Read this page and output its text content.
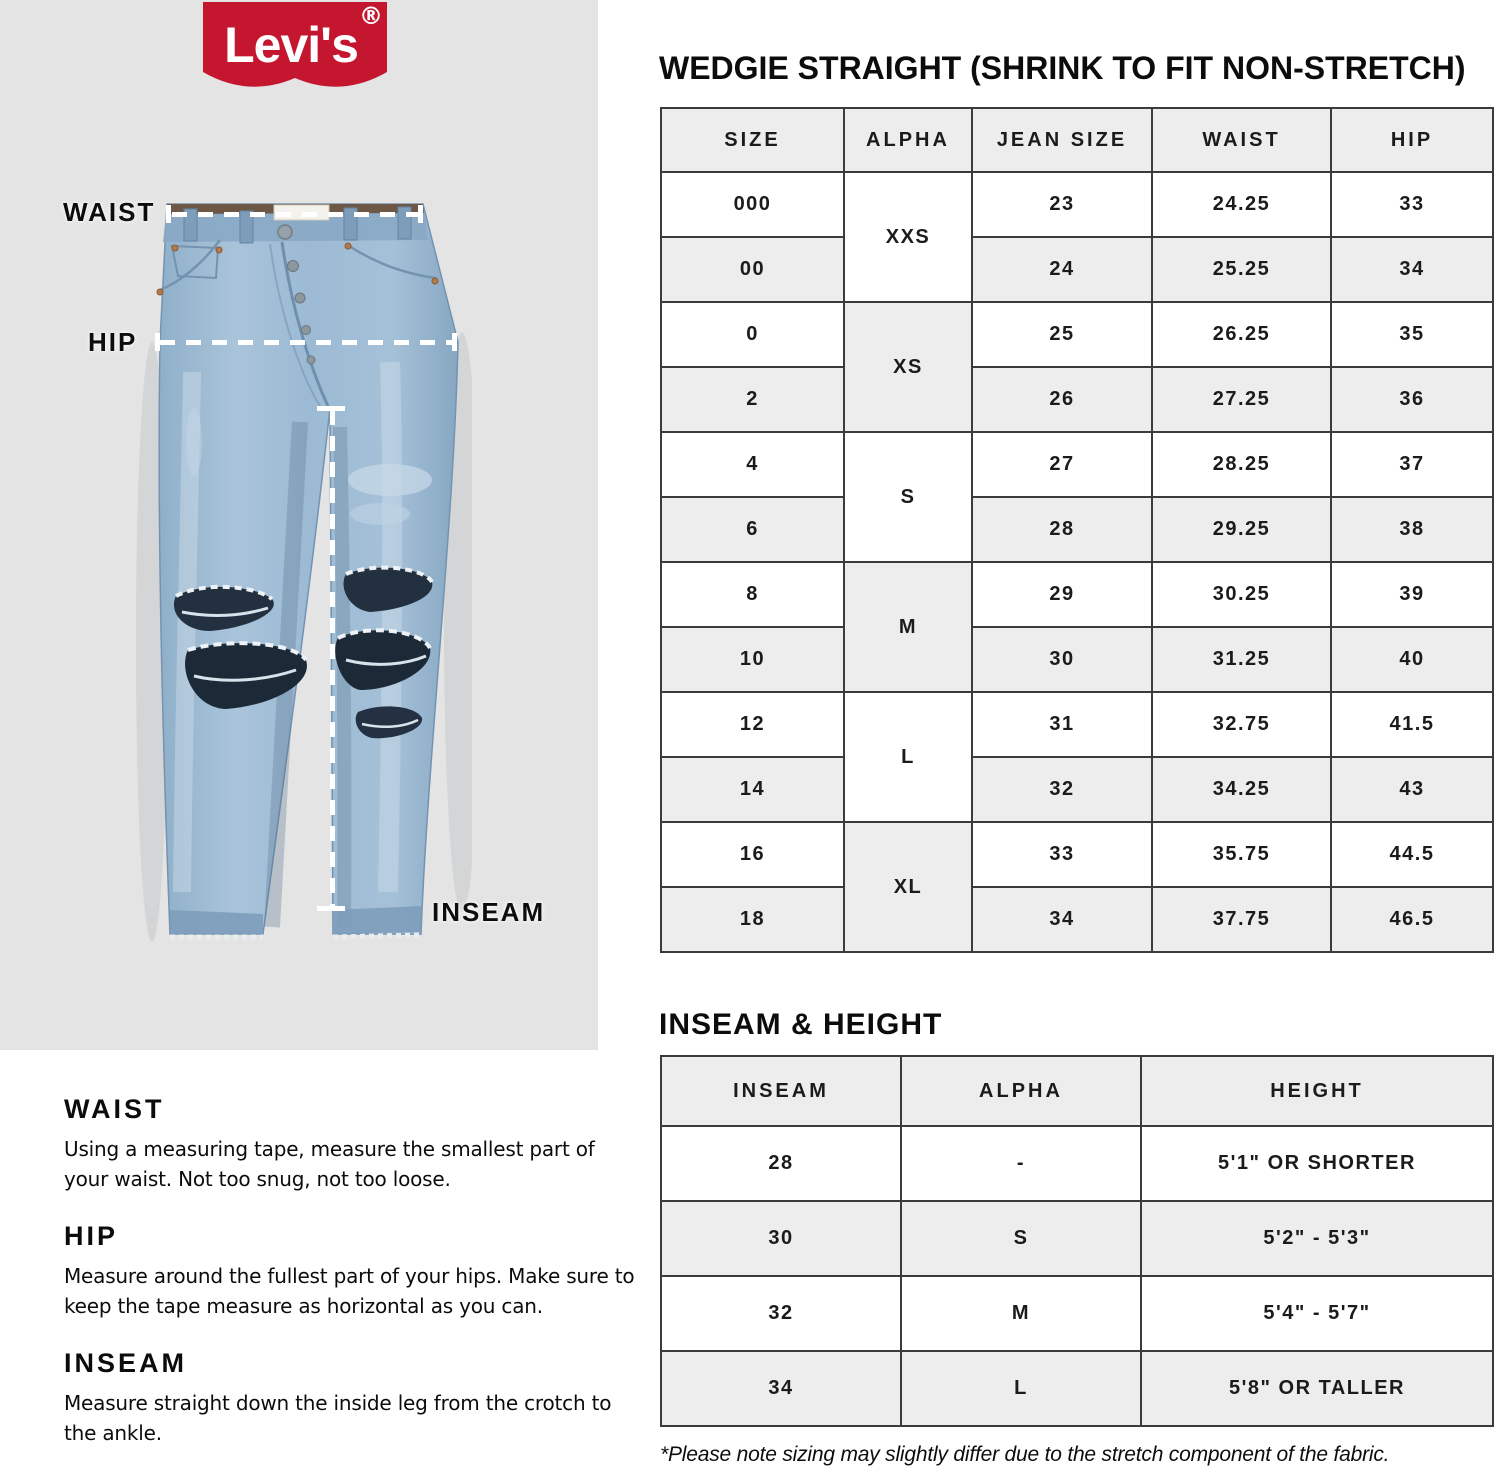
Levi's
®
WAIST
HIP
INSEAM
WAIST

Using a measuring tape, measure the smallest part of your waist. Not too snug, not too loose.

HIP

Measure around the fullest part of your hips. Make sure to keep the tape measure as horizontal as you can.

INSEAM

Measure straight down the inside leg from the crotch to the ankle.

WEDGIE STRAIGHT (SHRINK TO FIT NON-STRETCH)
SIZE	ALPHA	JEAN SIZE	WAIST	HIP
000	XXS	23	24.25	33
00		24	25.25	34
0	XS	25	26.25	35
2		26	27.25	36
4	S	27	28.25	37
6		28	29.25	38
8	M	29	30.25	39
10		30	31.25	40
12	L	31	32.75	41.5
14		32	34.25	43
16	XL	33	35.75	44.5
18		34	37.75	46.5
INSEAM & HEIGHT
INSEAM	ALPHA	HEIGHT
28	-	5'1" OR SHORTER
30	S	5'2" - 5'3"
32	M	5'4" - 5'7"
34	L	5'8" OR TALLER
*Please note sizing may slightly differ due to the stretch component of the fabric.
